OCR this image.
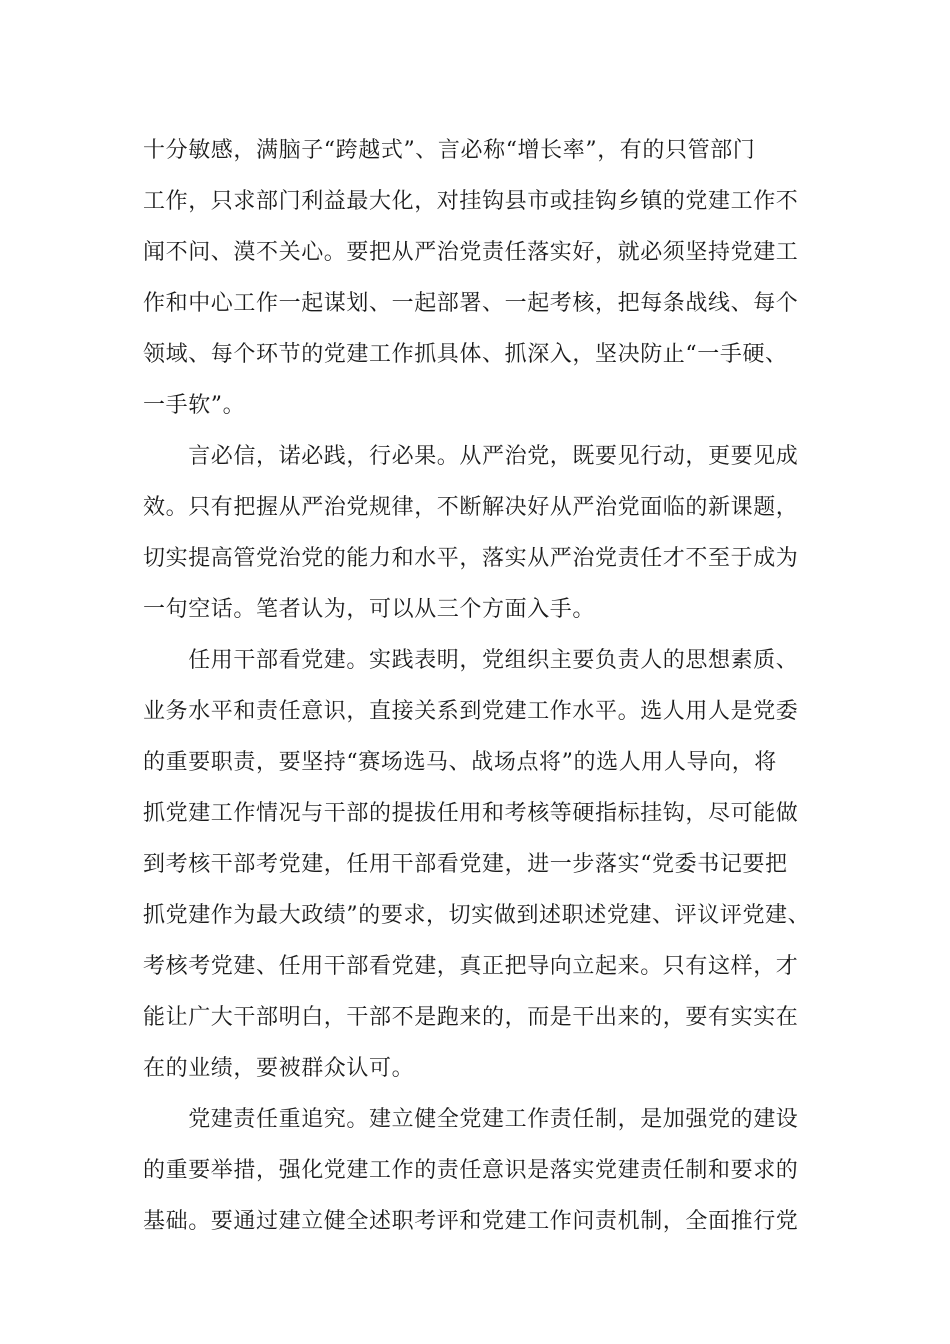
十分敏感，满脑子“跨越式”、言必称“增长率”，有的只管部门
工作，只求部门利益最大化，对挂钩县市或挂钩乡镇的党建工作不
闻不问、漠不关心。要把从严治党责任落实好，就必须坚持党建工
作和中心工作一起谋划、一起部署、一起考核，把每条战线、每个
领域、每个环节的党建工作抓具体、抓深入，坚决防止“一手硬、
一手软”。
　　言必信，诺必践，行必果。从严治党，既要见行动，更要见成
效。只有把握从严治党规律，不断解决好从严治党面临的新课题，
切实提高管党治党的能力和水平，落实从严治党责任才不至于成为
一句空话。笔者认为，可以从三个方面入手。
　　任用干部看党建。实践表明，党组织主要负责人的思想素质、
业务水平和责任意识，直接关系到党建工作水平。选人用人是党委
的重要职责，要坚持“赛场选马、战场点将”的选人用人导向，将
抓党建工作情况与干部的提拔任用和考核等硬指标挂钩，尽可能做
到考核干部考党建，任用干部看党建，进一步落实“党委书记要把
抓党建作为最大政绩”的要求，切实做到述职述党建、评议评党建、
考核考党建、任用干部看党建，真正把导向立起来。只有这样，才
能让广大干部明白，干部不是跑来的，而是干出来的，要有实实在
在的业绩，要被群众认可。
　　党建责任重追究。建立健全党建工作责任制，是加强党的建设
的重要举措，强化党建工作的责任意识是落实党建责任制和要求的
基础。要通过建立健全述职考评和党建工作问责机制，全面推行党
